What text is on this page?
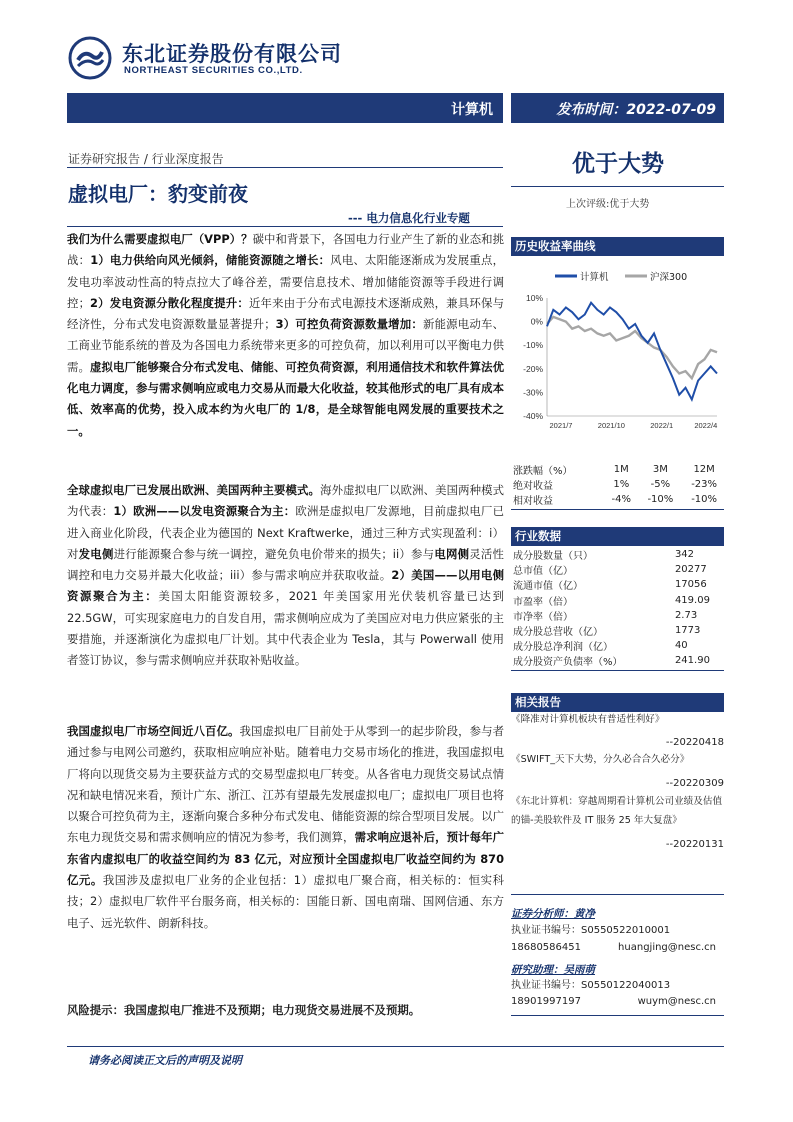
东北证券股份有限公司
NORTHEAST SECURITIES CO.,LTD.
计算机	发布时间：2022-07-09
证券研究报告 / 行业深度报告	优于大势
上次评级:优于大势
虚拟电厂：豹变前夜
--- 电力信息化行业专题
我们为什么需要虚拟电厂（VPP）？碳中和背景下，各国电力行业产生了新的业态和挑战：1）电力供给向风光倾斜，储能资源随之增长：风电、太阳能逐渐成为发展重点，发电功率波动性高的特点拉大了峰谷差，需要信息技术、增加储能资源等手段进行调控；2）发电资源分散化程度提升：近年来由于分布式电源技术逐渐成熟，兼具环保与经济性，分布式发电资源数量显著提升；3）可控负荷资源数量增加：新能源电动车、工商业节能系统的普及为各国电力系统带来更多的可控负荷，加以利用可以平衡电力供需。虚拟电厂能够聚合分布式发电、储能、可控负荷资源，利用通信技术和软件算法优化电力调度，参与需求侧响应或电力交易从而最大化收益，较其他形式的电厂具有成本低、效率高的优势，投入成本约为火电厂的 1/8，是全球智能电网发展的重要技术之一。
全球虚拟电厂已发展出欧洲、美国两种主要模式。海外虚拟电厂以欧洲、美国两种模式为代表：1）欧洲——以发电资源聚合为主：欧洲是虚拟电厂发源地，目前虚拟电厂已进入商业化阶段，代表企业为德国的 Next Kraftwerke，通过三种方式实现盈利：i）对发电侧进行能源聚合参与统一调控，避免负电价带来的损失；ii）参与电网侧灵活性调控和电力交易并最大化收益；iii）参与需求响应并获取收益。2）美国——以用电侧资源聚合为主：美国太阳能资源较多，2021 年美国家用光伏装机容量已达到 22.5GW，可实现家庭电力的自发自用，需求侧响应成为了美国应对电力供应紧张的主要措施，并逐渐演化为虚拟电厂计划。其中代表企业为 Tesla，其与 Powerwall 使用者签订协议，参与需求侧响应并获取补贴收益。
我国虚拟电厂市场空间近八百亿。我国虚拟电厂目前处于从零到一的起步阶段，参与者通过参与电网公司邀约，获取相应响应补贴。随着电力交易市场化的推进，我国虚拟电厂将向以现货交易为主要获益方式的交易型虚拟电厂转变。从各省电力现货交易试点情况和缺电情况来看，预计广东、浙江、江苏有望最先发展虚拟电厂；虚拟电厂项目也将以聚合可控负荷为主，逐渐向聚合多种分布式发电、储能资源的综合型项目发展。以广东电力现货交易和需求侧响应的情况为参考，我们测算，需求响应退补后，预计每年广东省内虚拟电厂的收益空间约为 83 亿元，对应预计全国虚拟电厂收益空间约为 870 亿元。我国涉及虚拟电厂业务的企业包括：1）虚拟电厂聚合商，相关标的：恒实科技；2）虚拟电厂软件平台服务商，相关标的：国能日新、国电南瑞、国网信通、东方电子、远光软件、朗新科技。
风险提示：我国虚拟电厂推进不及预期；电力现货交易进展不及预期。
历史收益率曲线
10%
0%
-10%
-20%
-30%
-40%
2021/7	2021/10	2022/1	2022/4
计算机	沪深300
涨跌幅（%）	1M	3M	12M
绝对收益	1%	-5%	-23%
相对收益	-4%	-10%	-10%
行业数据
成分股数量（只）	342
总市值（亿）	20277
流通市值（亿）	17056
市盈率（倍）	419.09
市净率（倍）	2.73
成分股总营收（亿）	1773
成分股总净利润（亿）	40
成分股资产负债率（%）	241.90
相关报告
《降准对计算机板块有普适性利好》
--20220418
《SWIFT_天下大势，分久必合合久必分》
--20220309
《东北计算机：穿越周期看计算机公司业绩及估值的锚-美股软件及 IT 服务 25 年大复盘》
--20220131
证券分析师：黄净
执业证书编号：S0550522010001
18680586451	huangjing@nesc.cn
研究助理：吴雨萌
执业证书编号：S0550122040013
18901997197	wuym@nesc.cn
请务必阅读正文后的声明及说明
